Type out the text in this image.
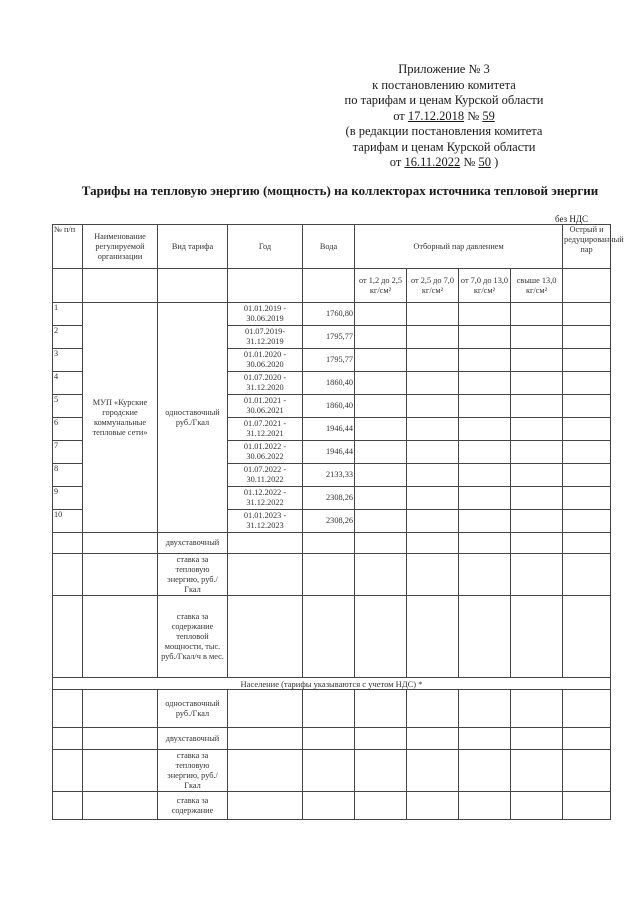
Приложение № 3
к постановлению комитета
по тарифам и ценам Курской области
от 17.12.2018 № 59
(в редакции постановления комитета
тарифам и ценам Курской области
от 16.11.2022 № 50 )
Тарифы на тепловую энергию (мощность) на коллекторах источника тепловой энергии
без НДС
№ п/п	Наименование регулируемой организации	Вид тарифа	Год	Вода	Отборный пар давлением				Острый и редуцированный пар
					от 1,2 до 2,5 кг/см²	от 2,5 до 7,0 кг/см²	от 7,0 до 13,0 кг/см²	свыше 13,0 кг/см²	
1	МУП «Курские городские коммунальные тепловые сети»	одноставочный руб./Гкал	01.01.2019 - 30.06.2019	1760,80					
2			01.07.2019- 31.12.2019	1795,77					
3			01.01.2020 - 30.06.2020	1795,77					
4			01.07.2020 - 31.12.2020	1860,40					
5			01.01.2021 - 30.06.2021	1860,40					
6			01.07.2021 - 31.12.2021	1946,44					
7			01.01.2022 - 30.06.2022	1946,44					
8			01.07.2022 - 30.11.2022	2133,33					
9			01.12.2022 - 31.12.2022	2308,26					
10			01.01.2023 - 31.12.2023	2308,26					
		двухставочный							
		ставка за тепловую энергию, руб./Гкал							
		ставка за содержание тепловой мощности, тыс. руб./Гкал/ч в мес.							
Население (тарифы указываются с учетом НДС) *									
		одноставочный руб./Гкал							
		двухставочный							
		ставка за тепловую энергию, руб./Гкал							
		ставка за содержание							
